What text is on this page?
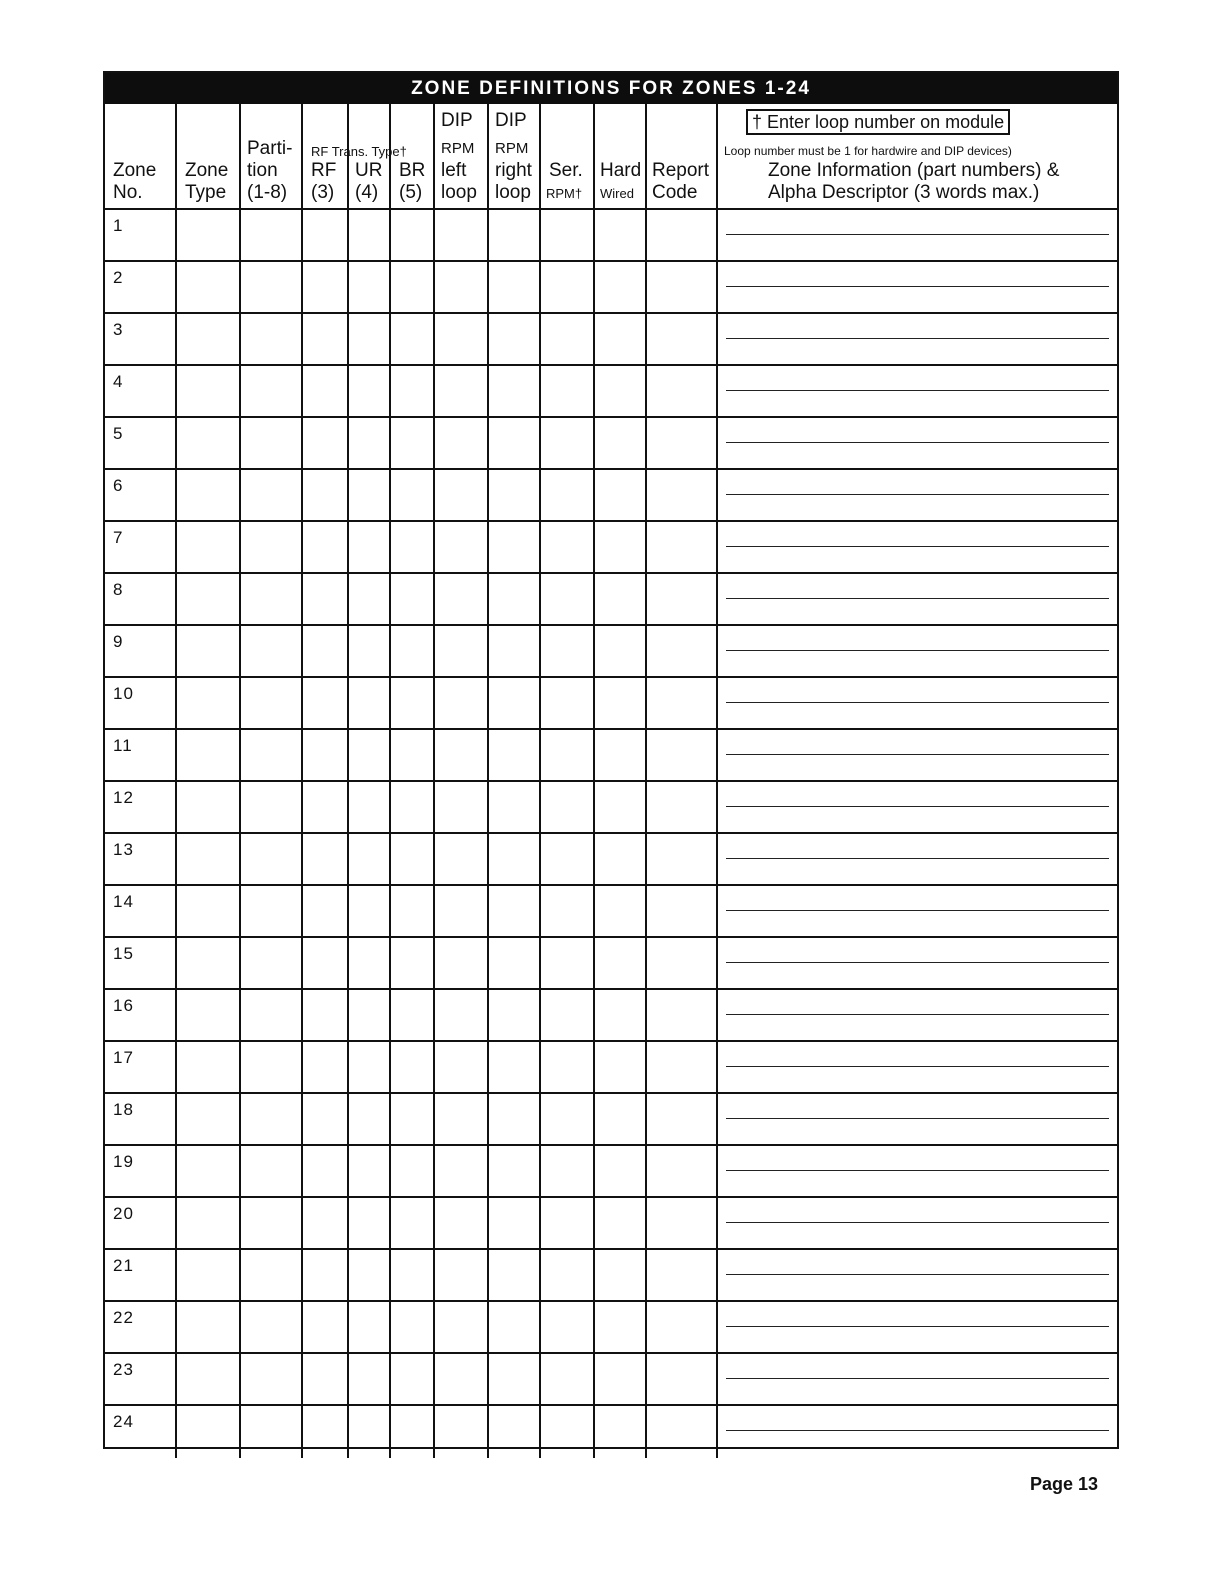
ZONE DEFINITIONS FOR ZONES 1-24
Zone
No.
Zone
Type
Parti-
tion
(1-8)
RF Trans. Type†
RF
(3)
UR
(4)
BR
(5)
DIP
RPM
left
loop
DIP
RPM
right
loop
Ser.
RPM†
Hard
Wired
Report
Code
† Enter loop number on module
Loop number must be 1 for hardwire and DIP devices)
Zone Information (part numbers) &
Alpha Descriptor (3 words max.)
1
2
3
4
5
6
7
8
9
10
11
12
13
14
15
16
17
18
19
20
21
22
23
24
Page 13
